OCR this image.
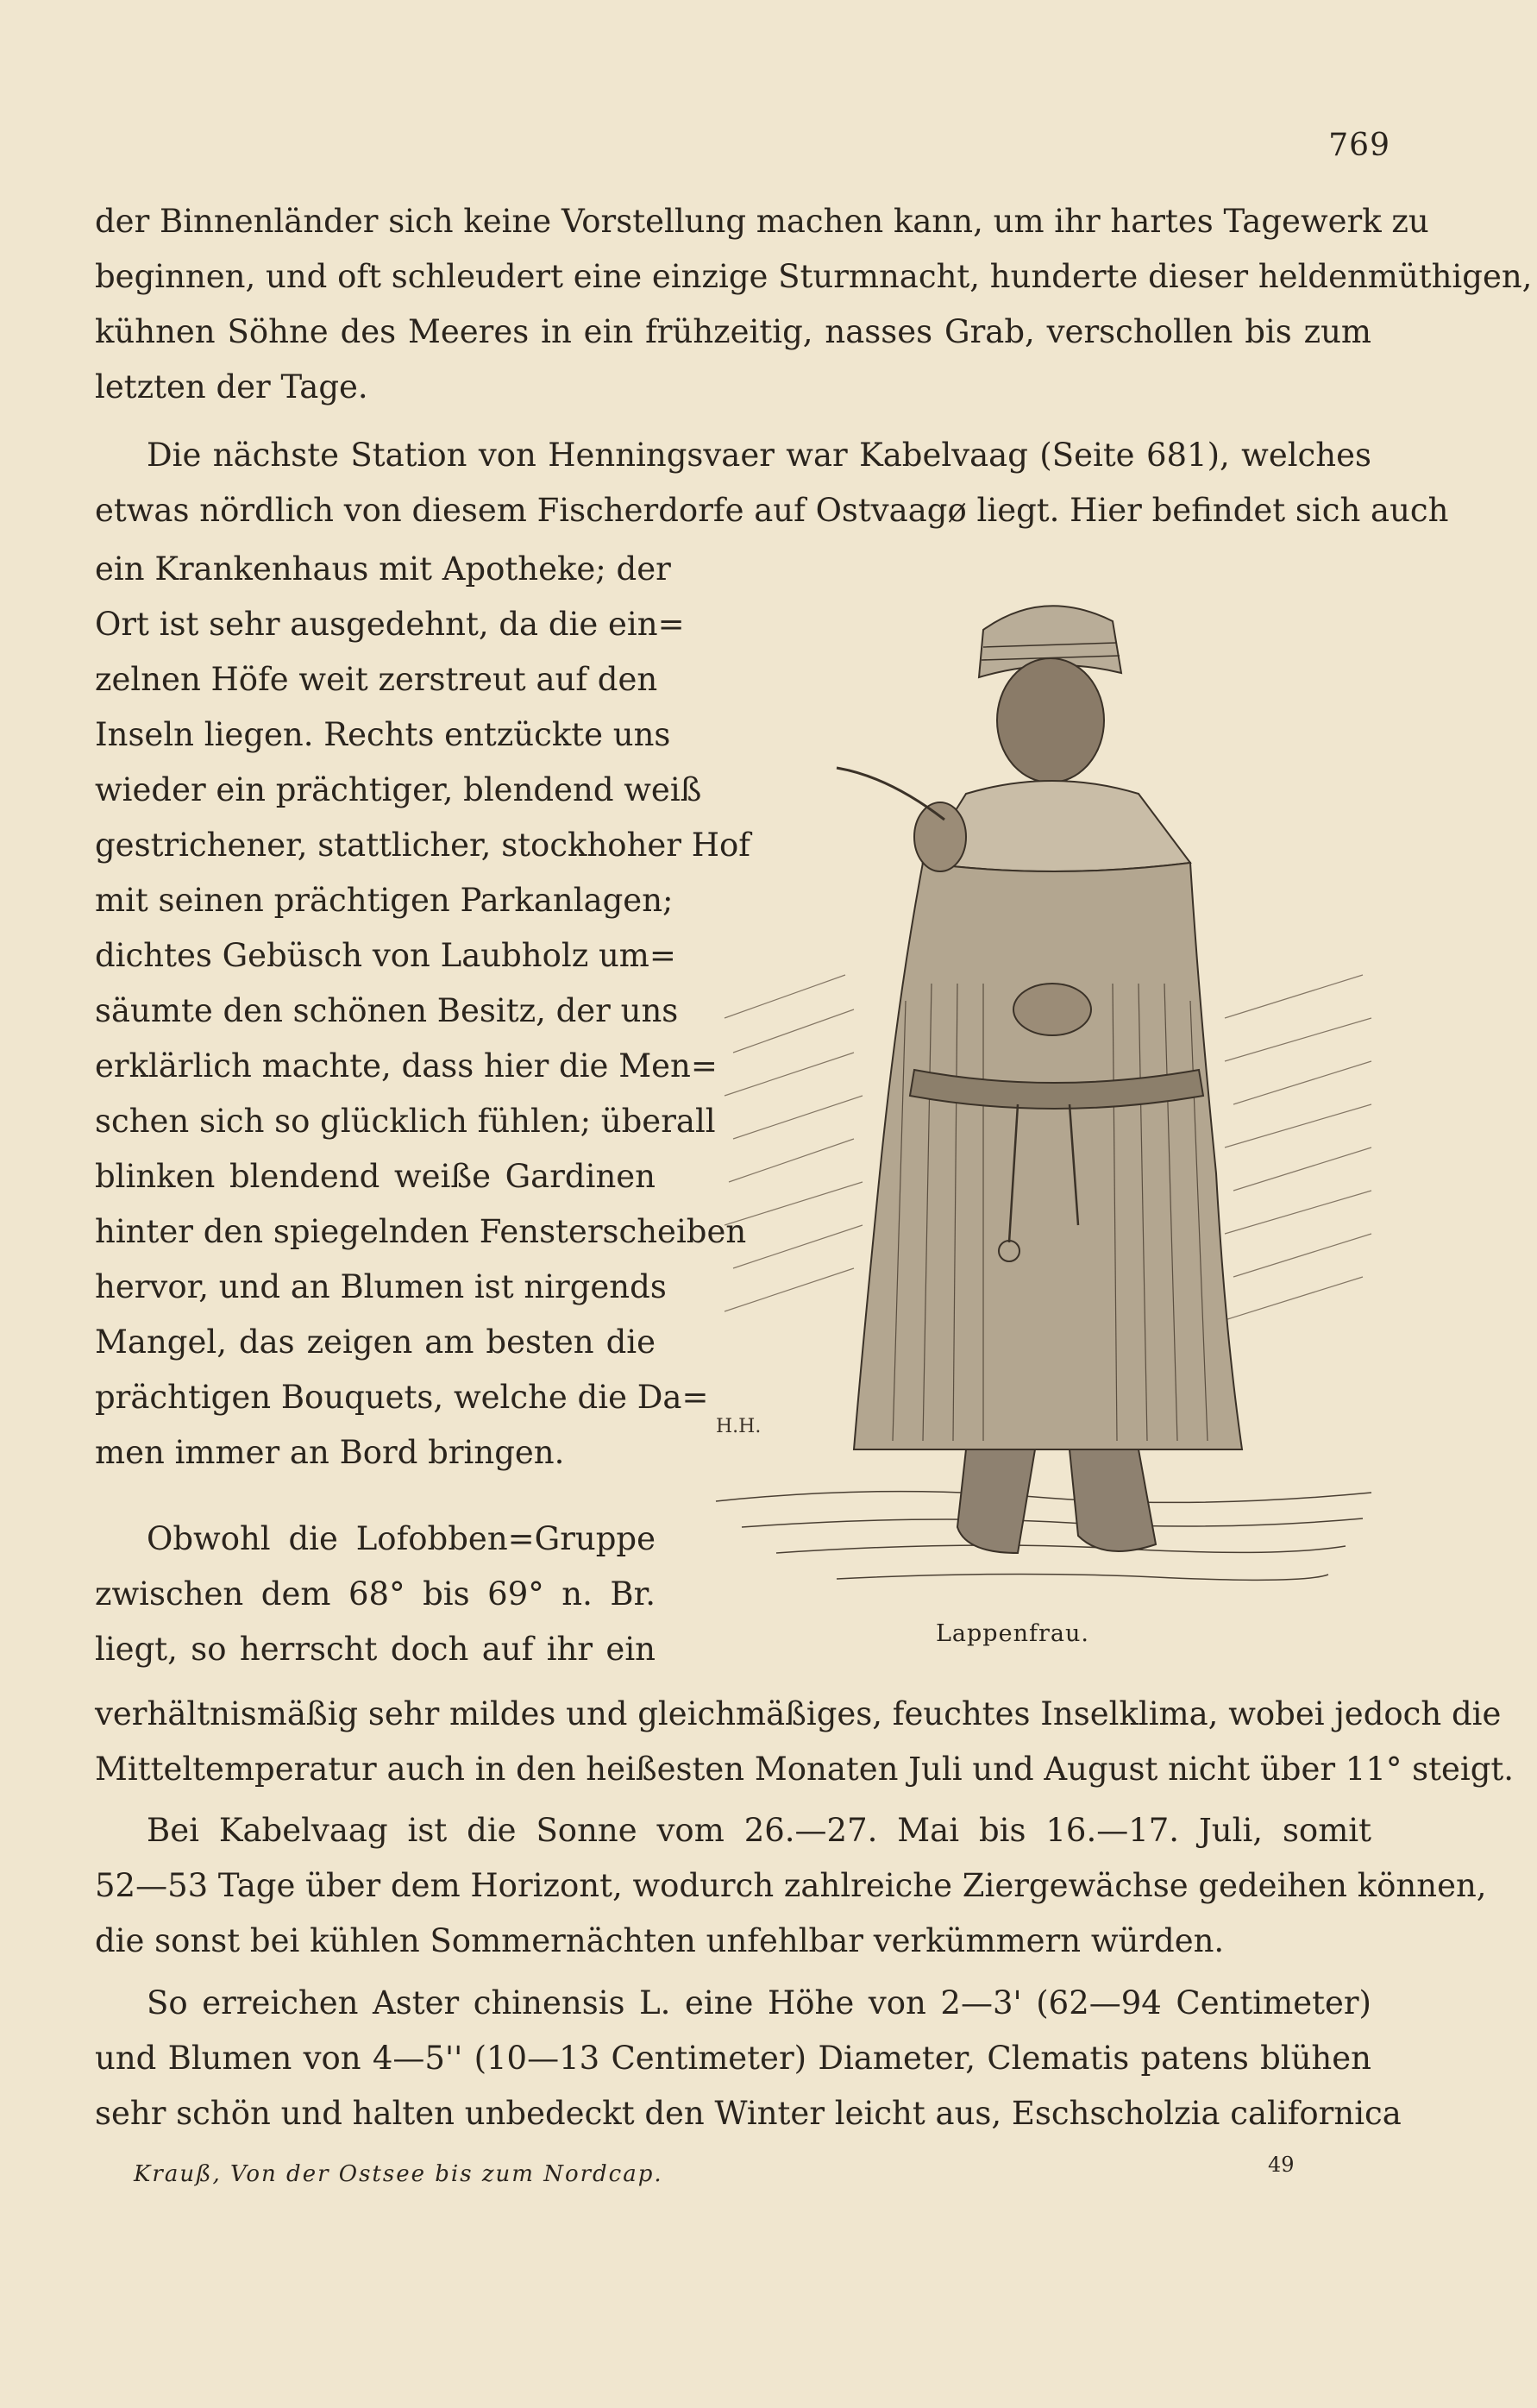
769
der Binnenländer sich keine Vorstellung machen kann, um ihr hartes Tagewerk zu
beginnen, und oft schleudert eine einzige Sturmnacht, hunderte dieser heldenmüthigen,
kühnen Söhne des Meeres in ein frühzeitig, nasses Grab, verschollen bis zum
letzten der Tage.
Die nächste Station von Henningsvaer war Kabelvaag (Seite 681), welches
etwas nördlich von diesem Fischerdorfe auf Ostvaagø liegt. Hier befindet sich auch
ein Krankenhaus mit Apotheke; der
Ort ist sehr ausgedehnt, da die ein=
zelnen Höfe weit zerstreut auf den
Inseln liegen. Rechts entzückte uns
wieder ein prächtiger, blendend weiß
gestrichener, stattlicher, stockhoher Hof
mit seinen prächtigen Parkanlagen;
dichtes Gebüsch von Laubholz um=
säumte den schönen Besitz, der uns
erklärlich machte, dass hier die Men=
schen sich so glücklich fühlen; überall
blinken blendend weiße Gardinen
hinter den spiegelnden Fensterscheiben
hervor, und an Blumen ist nirgends
Mangel, das zeigen am besten die
prächtigen Bouquets, welche die Da=
men immer an Bord bringen.
Obwohl die Lofobben=Gruppe
zwischen dem 68° bis 69° n. Br.
liegt, so herrscht doch auf ihr ein
H.H.
Lappenfrau.
verhältnismäßig sehr mildes und gleichmäßiges, feuchtes Inselklima, wobei jedoch die
Mitteltemperatur auch in den heißesten Monaten Juli und August nicht über 11° steigt.
Bei Kabelvaag ist die Sonne vom 26.—27. Mai bis 16.—17. Juli, somit
52—53 Tage über dem Horizont, wodurch zahlreiche Ziergewächse gedeihen können,
die sonst bei kühlen Sommernächten unfehlbar verkümmern würden.
So erreichen Aster chinensis L. eine Höhe von 2—3' (62—94 Centimeter)
und Blumen von 4—5'' (10—13 Centimeter) Diameter, Clematis patens blühen
sehr schön und halten unbedeckt den Winter leicht aus, Eschscholzia californica
Krauß, Von der Ostsee bis zum Nordcap.	49
